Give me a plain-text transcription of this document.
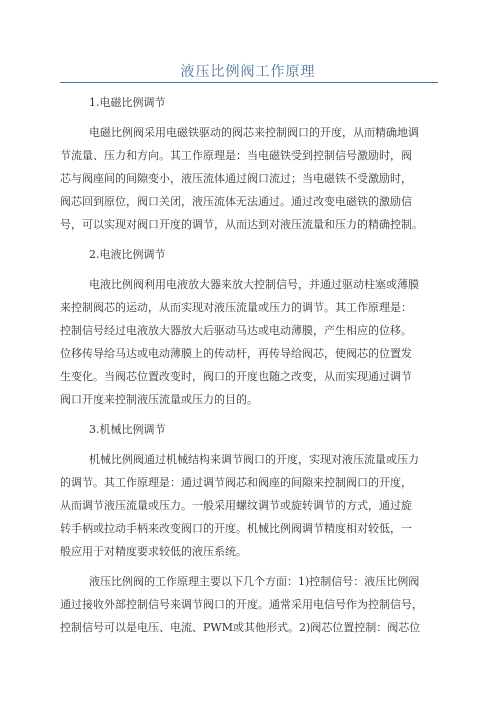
液压比例阀工作原理
1.电磁比例调节
电磁比例阀采用电磁铁驱动的阀芯来控制阀口的开度，从而精确地调
节流量、压力和方向。其工作原理是：当电磁铁受到控制信号激励时，阀
芯与阀座间的间隙变小，液压流体通过阀口流过；当电磁铁不受激励时，
阀芯回到原位，阀口关闭，液压流体无法通过。通过改变电磁铁的激励信
号，可以实现对阀口开度的调节，从而达到对液压流量和压力的精确控制。
2.电液比例调节
电液比例阀利用电液放大器来放大控制信号，并通过驱动柱塞或薄膜
来控制阀芯的运动，从而实现对液压流量或压力的调节。其工作原理是：
控制信号经过电液放大器放大后驱动马达或电动薄膜，产生相应的位移。
位移传导给马达或电动薄膜上的传动杆，再传导给阀芯，使阀芯的位置发
生变化。当阀芯位置改变时，阀口的开度也随之改变，从而实现通过调节
阀口开度来控制液压流量或压力的目的。
3.机械比例调节
机械比例阀通过机械结构来调节阀口的开度，实现对液压流量或压力
的调节。其工作原理是：通过调节阀芯和阀座的间隙来控制阀口的开度，
从而调节液压流量或压力。一般采用螺纹调节或旋转调节的方式，通过旋
转手柄或拉动手柄来改变阀口的开度。机械比例阀调节精度相对较低，一
般应用于对精度要求较低的液压系统。
液压比例阀的工作原理主要以下几个方面：1)控制信号：液压比例阀
通过接收外部控制信号来调节阀口的开度。通常采用电信号作为控制信号，
控制信号可以是电压、电流、PWM或其他形式。2)阀芯位置控制：阀芯位
